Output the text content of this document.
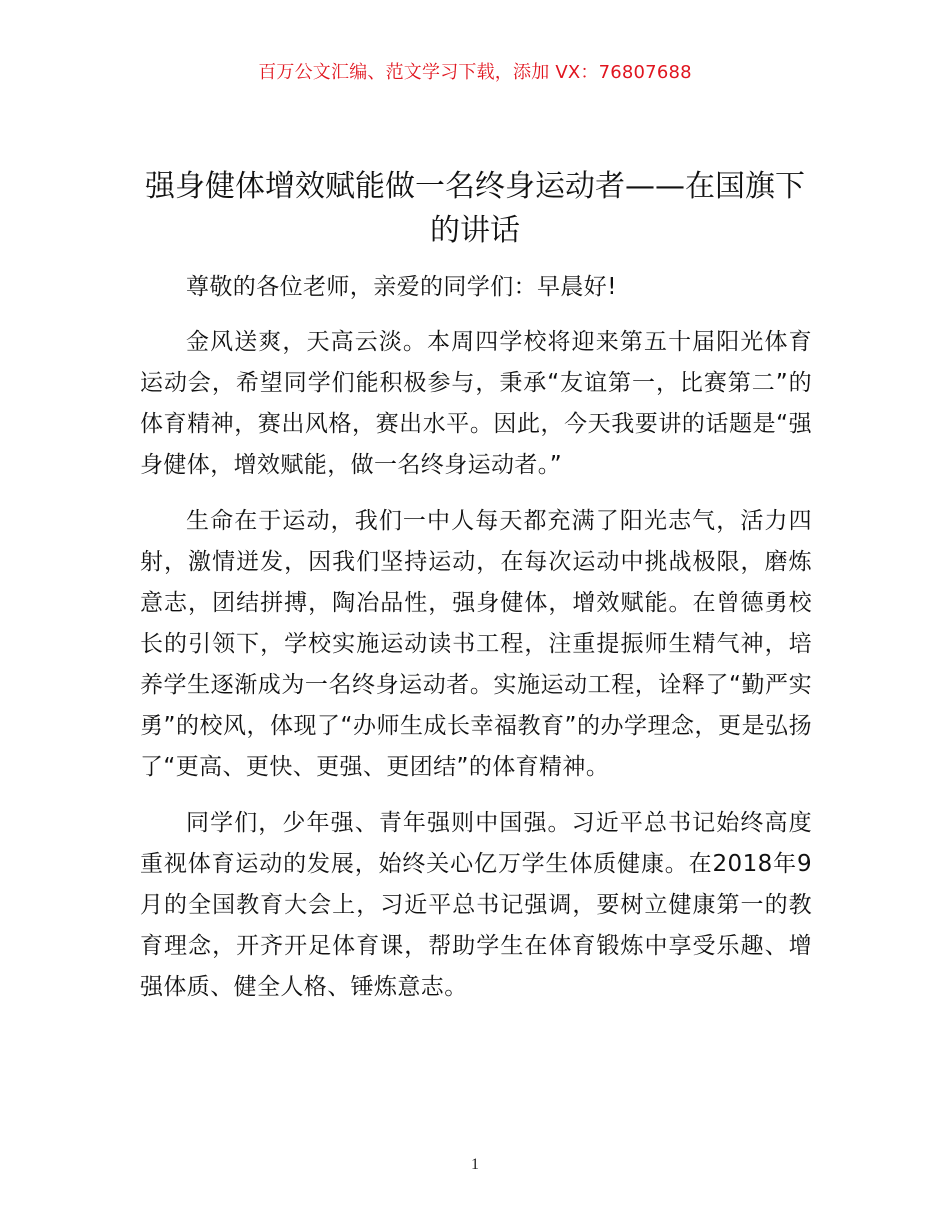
百万公文汇编、范文学习下载，添加 VX：76807688
强身健体增效赋能做一名终身运动者——在国旗下的讲话

尊敬的各位老师，亲爱的同学们：早晨好!

金风送爽，天高云淡。本周四学校将迎来第五十届阳光体育运动会，希望同学们能积极参与，秉承“友谊第一，比赛第二”的体育精神，赛出风格，赛出水平。因此，今天我要讲的话题是“强身健体，增效赋能，做一名终身运动者。”

生命在于运动，我们一中人每天都充满了阳光志气，活力四射，激情迸发，因我们坚持运动，在每次运动中挑战极限，磨炼意志，团结拼搏，陶冶品性，强身健体，增效赋能。在曾德勇校长的引领下，学校实施运动读书工程，注重提振师生精气神，培养学生逐渐成为一名终身运动者。实施运动工程，诠释了“勤严实勇”的校风，体现了“办师生成长幸福教育”的办学理念，更是弘扬了“更高、更快、更强、更团结”的体育精神。

同学们，少年强、青年强则中国强。习近平总书记始终高度重视体育运动的发展，始终关心亿万学生体质健康。在2018年9月的全国教育大会上，习近平总书记强调，要树立健康第一的教育理念，开齐开足体育课，帮助学生在体育锻炼中享受乐趣、增强体质、健全人格、锤炼意志。

1
